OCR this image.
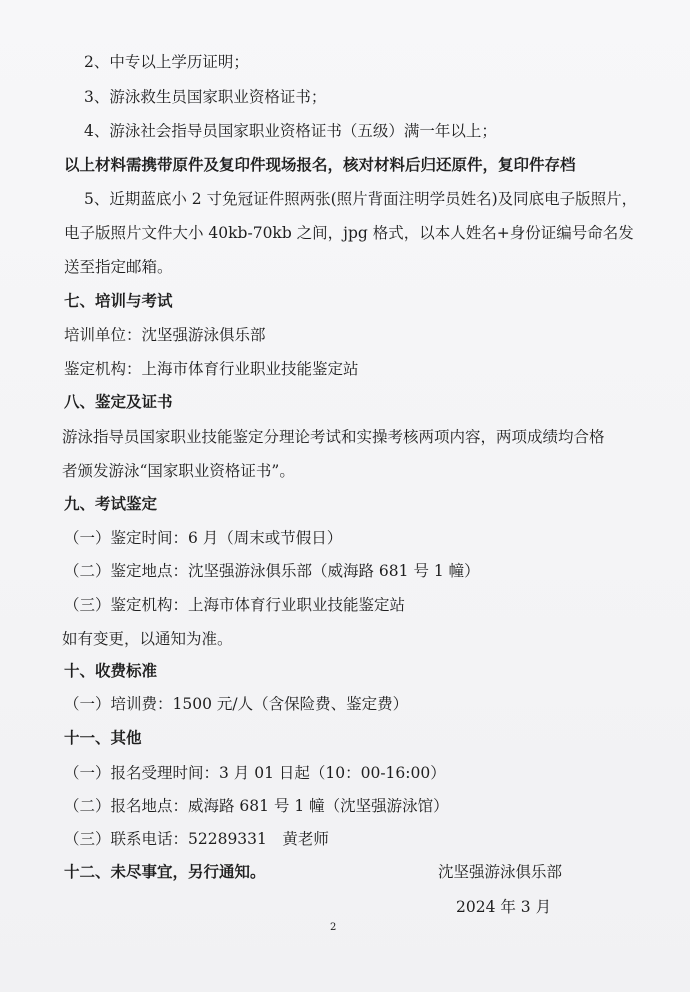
2、中专以上学历证明；
3、游泳救生员国家职业资格证书；
4、游泳社会指导员国家职业资格证书（五级）满一年以上；
以上材料需携带原件及复印件现场报名，核对材料后归还原件，复印件存档
5、近期蓝底小 2 寸免冠证件照两张(照片背面注明学员姓名)及同底电子版照片，
电子版照片文件大小 40kb-70kb 之间，jpg 格式，以本人姓名+身份证编号命名发
送至指定邮箱。
七、培训与考试
培训单位：沈坚强游泳俱乐部
鉴定机构：上海市体育行业职业技能鉴定站
八、鉴定及证书
游泳指导员国家职业技能鉴定分理论考试和实操考核两项内容，两项成绩均合格
者颁发游泳“国家职业资格证书”。
九、考试鉴定
（一）鉴定时间：6 月（周末或节假日）
（二）鉴定地点：沈坚强游泳俱乐部（威海路 681 号 1 幢）
（三）鉴定机构：上海市体育行业职业技能鉴定站
如有变更，以通知为准。
十、收费标准
（一）培训费：1500 元/人（含保险费、鉴定费）
十一、其他
（一）报名受理时间：3 月 01 日起（10：00-16:00）
（二）报名地点：威海路 681 号 1 幢（沈坚强游泳馆）
（三）联系电话：52289331　黄老师
十二、未尽事宜，另行通知。	沈坚强游泳俱乐部
2024 年 3 月
2
